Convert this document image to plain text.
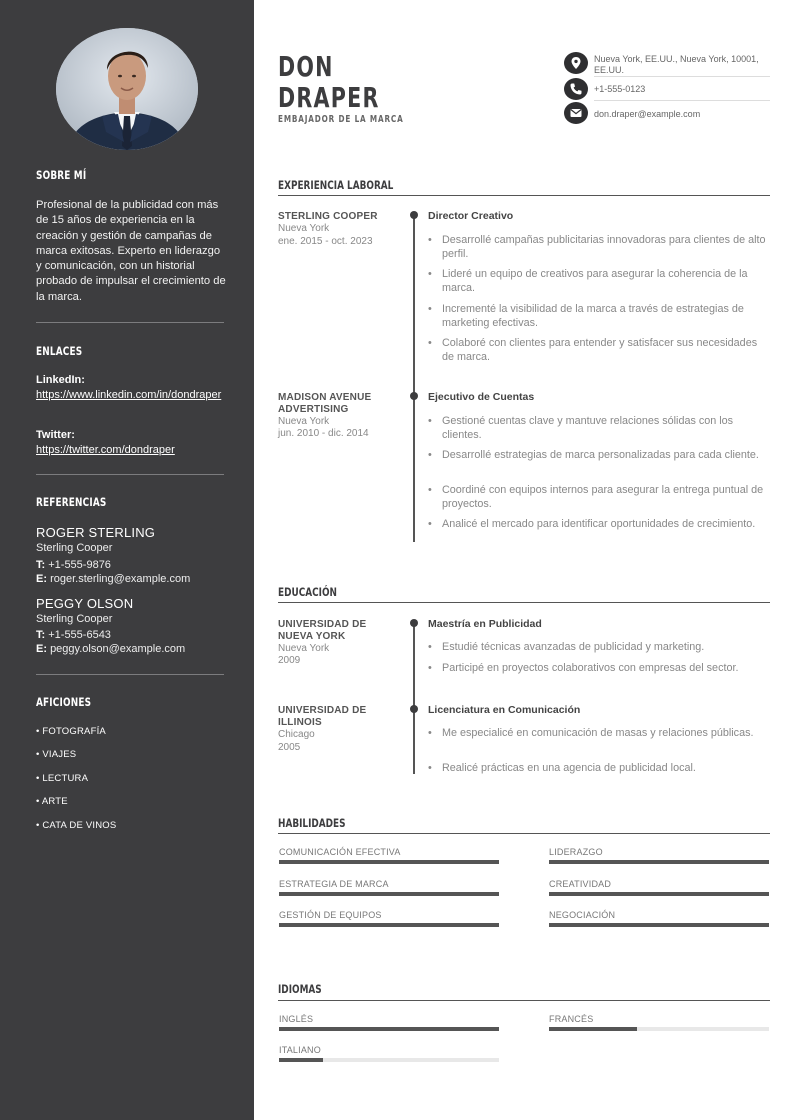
SOBRE MÍ
Profesional de la publicidad con más de 15 años de experiencia en la creación y gestión de campañas de marca exitosas. Experto en liderazgo y comunicación, con un historial probado de impulsar el crecimiento de la marca.
ENLACES
LinkedIn:
https://www.linkedin.com/in/dondraper
Twitter:
https://twitter.com/dondraper
REFERENCIAS
ROGER STERLING
Sterling Cooper
T: +1-555-9876
E: roger.sterling@example.com
PEGGY OLSON
Sterling Cooper
T: +1-555-6543
E: peggy.olson@example.com
AFICIONES
• FOTOGRAFÍA
• VIAJES
• LECTURA
• ARTE
• CATA DE VINOS
DON
DRAPER
EMBAJADOR DE LA MARCA
Nueva York, EE.UU., Nueva York, 10001, EE.UU.
+1-555-0123
don.draper@example.com
EXPERIENCIA LABORAL
STERLING COOPER
Nueva York
ene. 2015 - oct. 2023
Director Creativo
• Desarrollé campañas publicitarias innovadoras para clientes de alto perfil.
• Lideré un equipo de creativos para asegurar la coherencia de la marca.
• Incrementé la visibilidad de la marca a través de estrategias de marketing efectivas.
• Colaboré con clientes para entender y satisfacer sus necesidades de marca.
MADISON AVENUE ADVERTISING
Nueva York
jun. 2010 - dic. 2014
Ejecutivo de Cuentas
• Gestioné cuentas clave y mantuve relaciones sólidas con los clientes.
• Desarrollé estrategias de marca personalizadas para cada cliente.
• Coordiné con equipos internos para asegurar la entrega puntual de proyectos.
• Analicé el mercado para identificar oportunidades de crecimiento.
EDUCACIÓN
UNIVERSIDAD DE NUEVA YORK
Nueva York
2009
Maestría en Publicidad
• Estudié técnicas avanzadas de publicidad y marketing.
• Participé en proyectos colaborativos con empresas del sector.
UNIVERSIDAD DE ILLINOIS
Chicago
2005
Licenciatura en Comunicación
• Me especialicé en comunicación de masas y relaciones públicas.
• Realicé prácticas en una agencia de publicidad local.
HABILIDADES
COMUNICACIÓN EFECTIVA	LIDERAZGO
ESTRATEGIA DE MARCA	CREATIVIDAD
GESTIÓN DE EQUIPOS	NEGOCIACIÓN
IDIOMAS
INGLÉS	FRANCÉS
ITALIANO
